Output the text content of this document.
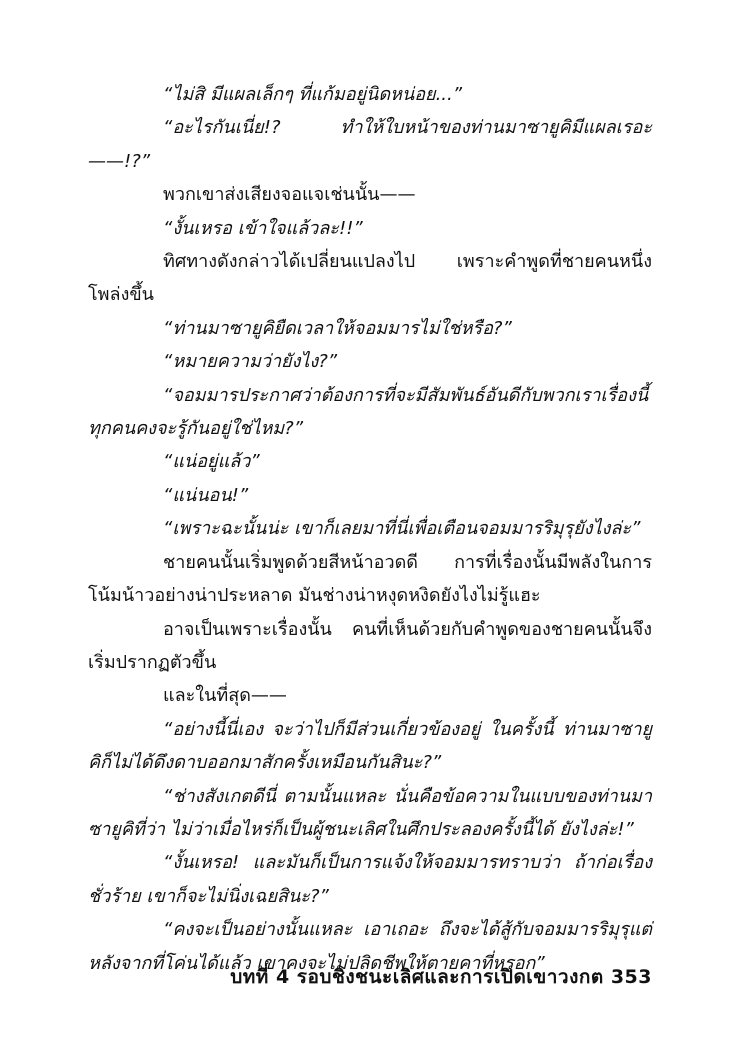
“ไม่สิ มีแผลเล็กๆ ที่แก้มอยู่นิดหน่อย...”

“อะไรกันเนี่ย!? ทำให้ใบหน้าของท่านมาซายูคิมีแผลเรอะ——!?”

พวกเขาส่งเสียงจอแจเช่นนั้น——

“งั้นเหรอ เข้าใจแล้วละ!!”

ทิศทางดังกล่าวได้เปลี่ยนแปลงไป เพราะคำพูดที่ชายคนหนึ่งโพล่งขึ้น

“ท่านมาซายูคิยืดเวลาให้จอมมารไม่ใช่หรือ?”

“หมายความว่ายังไง?”

“จอมมารประกาศว่าต้องการที่จะมีสัมพันธ์อันดีกับพวกเราเรื่องนี้ทุกคนคงจะรู้กันอยู่ใช่ไหม?”

“แน่อยู่แล้ว”

“แน่นอน!”

“เพราะฉะนั้นน่ะ เขาก็เลยมาที่นี่เพื่อเตือนจอมมารริมุรุยังไงล่ะ”

ชายคนนั้นเริ่มพูดด้วยสีหน้าอวดดี การที่เรื่องนั้นมีพลังในการโน้มน้าวอย่างน่าประหลาด มันช่างน่าหงุดหงิดยังไงไม่รู้แฮะ

อาจเป็นเพราะเรื่องนั้น คนที่เห็นด้วยกับคำพูดของชายคนนั้นจึงเริ่มปรากฏตัวขึ้น

และในที่สุด——

“อย่างนี้นี่เอง จะว่าไปก็มีส่วนเกี่ยวข้องอยู่ ในครั้งนี้ ท่านมาซายูคิก็ไม่ได้ดึงดาบออกมาสักครั้งเหมือนกันสินะ?”

“ช่างสังเกตดีนี่ ตามนั้นแหละ นั่นคือข้อความในแบบของท่านมาซายูคิที่ว่า ไม่ว่าเมื่อไหร่ก็เป็นผู้ชนะเลิศในศึกประลองครั้งนี้ได้ ยังไงล่ะ!”

“งั้นเหรอ! และมันก็เป็นการแจ้งให้จอมมารทราบว่า ถ้าก่อเรื่องชั่วร้าย เขาก็จะไม่นิ่งเฉยสินะ?”

“คงจะเป็นอย่างนั้นแหละ เอาเถอะ ถึงจะได้สู้กับจอมมารริมุรุแต่หลังจากที่โค่นได้แล้ว เขาคงจะไม่ปลิดชีพให้ตายคาที่หรอก”

บทที่ 4 รอบชิงชนะเลิศและการเปิดเขาวงกต 353
